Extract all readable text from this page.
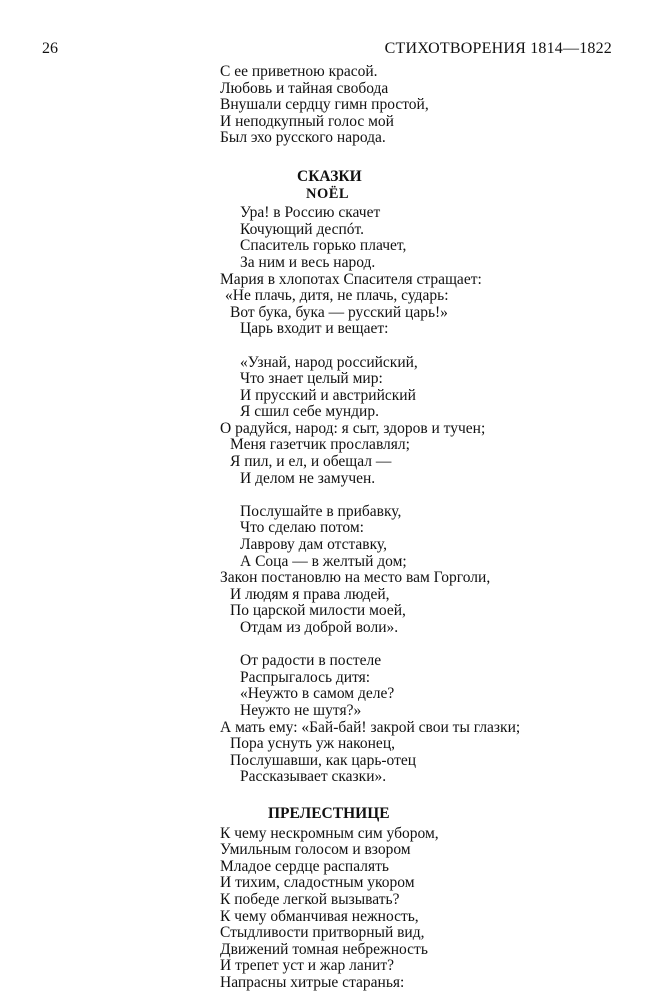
26	СТИХОТВОРЕНИЯ 1814—1822
С ее приветною красой.
Любовь и тайная свобода
Внушали сердцу гимн простой,
И неподкупный голос мой
Был эхо русского народа.
СКАЗКИ
NOËL
Ура! в Россию скачет
Кочующий деспóт.
Спаситель горько плачет,
За ним и весь народ.
Мария в хлопотах Спасителя стращает:
«Не плачь, дитя, не плачь, сударь:
Вот бука, бука — русский царь!»
Царь входит и вещает:
«Узнай, народ российский,
Что знает целый мир:
И прусский и австрийский
Я сшил себе мундир.
О радуйся, народ: я сыт, здоров и тучен;
Меня газетчик прославлял;
Я пил, и ел, и обещал —
И делом не замучен.
Послушайте в прибавку,
Что сделаю потом:
Лаврову дам отставку,
А Соца — в желтый дом;
Закон постановлю на место вам Горголи,
И людям я права людей,
По царской милости моей,
Отдам из доброй воли».
От радости в постеле
Распрыгалось дитя:
«Неужто в самом деле?
Неужто не шутя?»
А мать ему: «Бай-бай! закрой свои ты глазки;
Пора уснуть уж наконец,
Послушавши, как царь-отец
Рассказывает сказки».
ПРЕЛЕСТНИЦЕ
К чему нескромным сим убором,
Умильным голосом и взором
Младое сердце распалять
И тихим, сладостным укором
К победе легкой вызывать?
К чему обманчивая нежность,
Стыдливости притворный вид,
Движений томная небрежность
И трепет уст и жар ланит?
Напрасны хитрые старанья:
